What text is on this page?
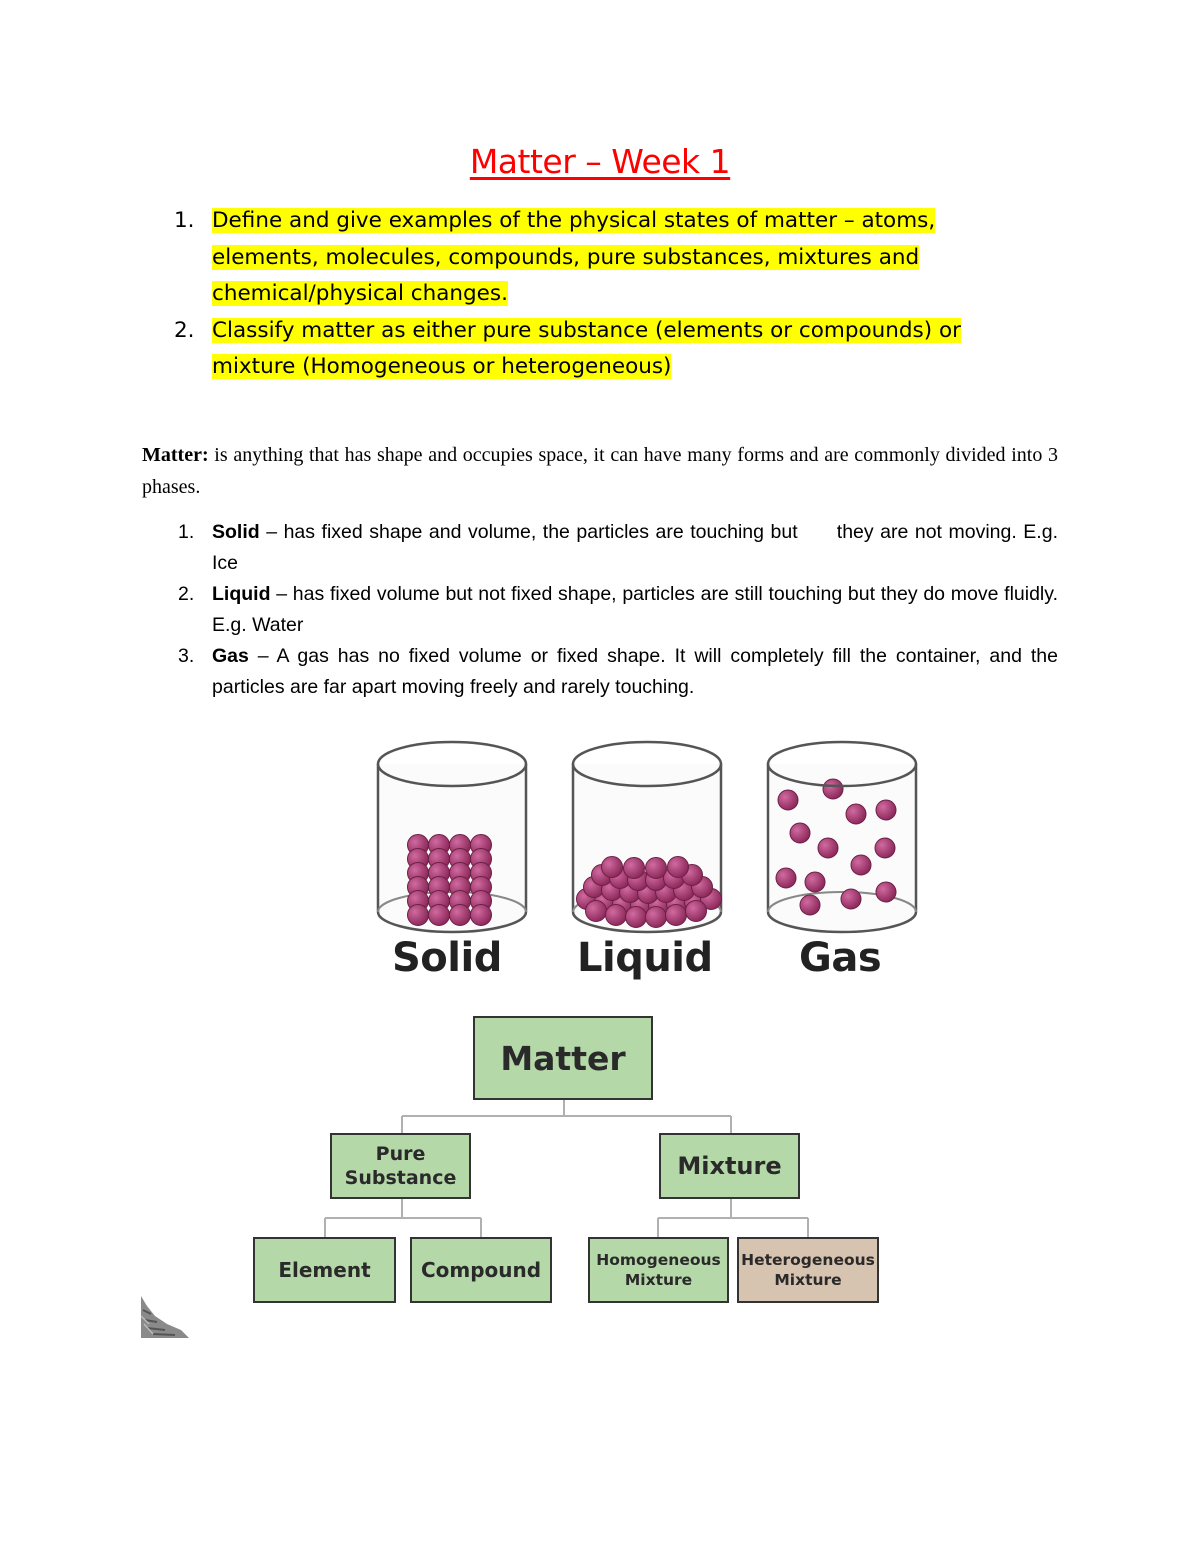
Matter – Week 1
1. Define and give examples of the physical states of matter – atoms, elements, molecules, compounds, pure substances, mixtures and chemical/physical changes.
2. Classify matter as either pure substance (elements or compounds) or mixture (Homogeneous or heterogeneous)
Matter: is anything that has shape and occupies space, it can have many forms and are commonly divided into 3 phases.
1. Solid – has fixed shape and volume, the particles are touching but      they are not moving. E.g. Ice
2. Liquid – has fixed volume but not fixed shape, particles are still touching but they do move fluidly. E.g. Water
3. Gas – A gas has no fixed volume or fixed shape. It will completely fill the container, and the particles are far apart moving freely and rarely touching.
Solid Liquid Gas
Matter
Pure Substance	Mixture
Element	Compound	Homogeneous Mixture
Heterogeneous Mixture
